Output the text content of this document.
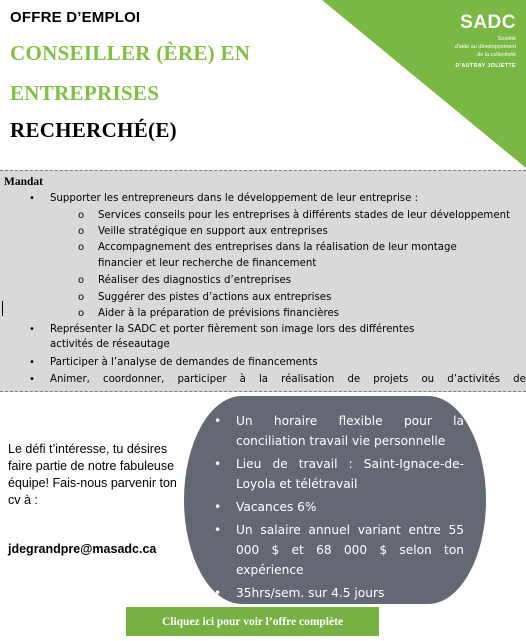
OFFRE D’EMPLOI
CONSEILLER (ÈRE) EN
ENTREPRISES
RECHERCHÉ(E)
SADC
Société
d'aide au développement
de la collectivité
D'AUTRAY JOLIETTE
Mandat
• Supporter les entrepreneurs dans le développement de leur entreprise :
o Services conseils pour les entreprises à différents stades de leur développement
o Veille stratégique en support aux entreprises
o Accompagnement des entreprises dans la réalisation de leur montage
financier et leur recherche de financement
o Réaliser des diagnostics d’entreprises
o Suggérer des pistes d’actions aux entreprises
o Aider à la préparation de prévisions financières
• Représenter la SADC et porter fièrement son image lors des différentes
activités de réseautage
• Participer à l’analyse de demandes de financements
• Animer, coordonner, participer à la réalisation de projets ou d’activités de
Le défi t’intéresse, tu désires faire partie de notre fabuleuse équipe! Fais-nous parvenir ton cv à :
jdegrandpre@masadc.ca
• Un horaire flexible pour la conciliation travail vie personnelle
• Lieu de travail : Saint-Ignace-de-Loyola et télétravail
• Vacances 6%
• Un salaire annuel variant entre 55 000 $ et 68 000 $ selon ton expérience
• 35hrs/sem. sur 4.5 jours
Cliquez ici pour voir l’offre complète
